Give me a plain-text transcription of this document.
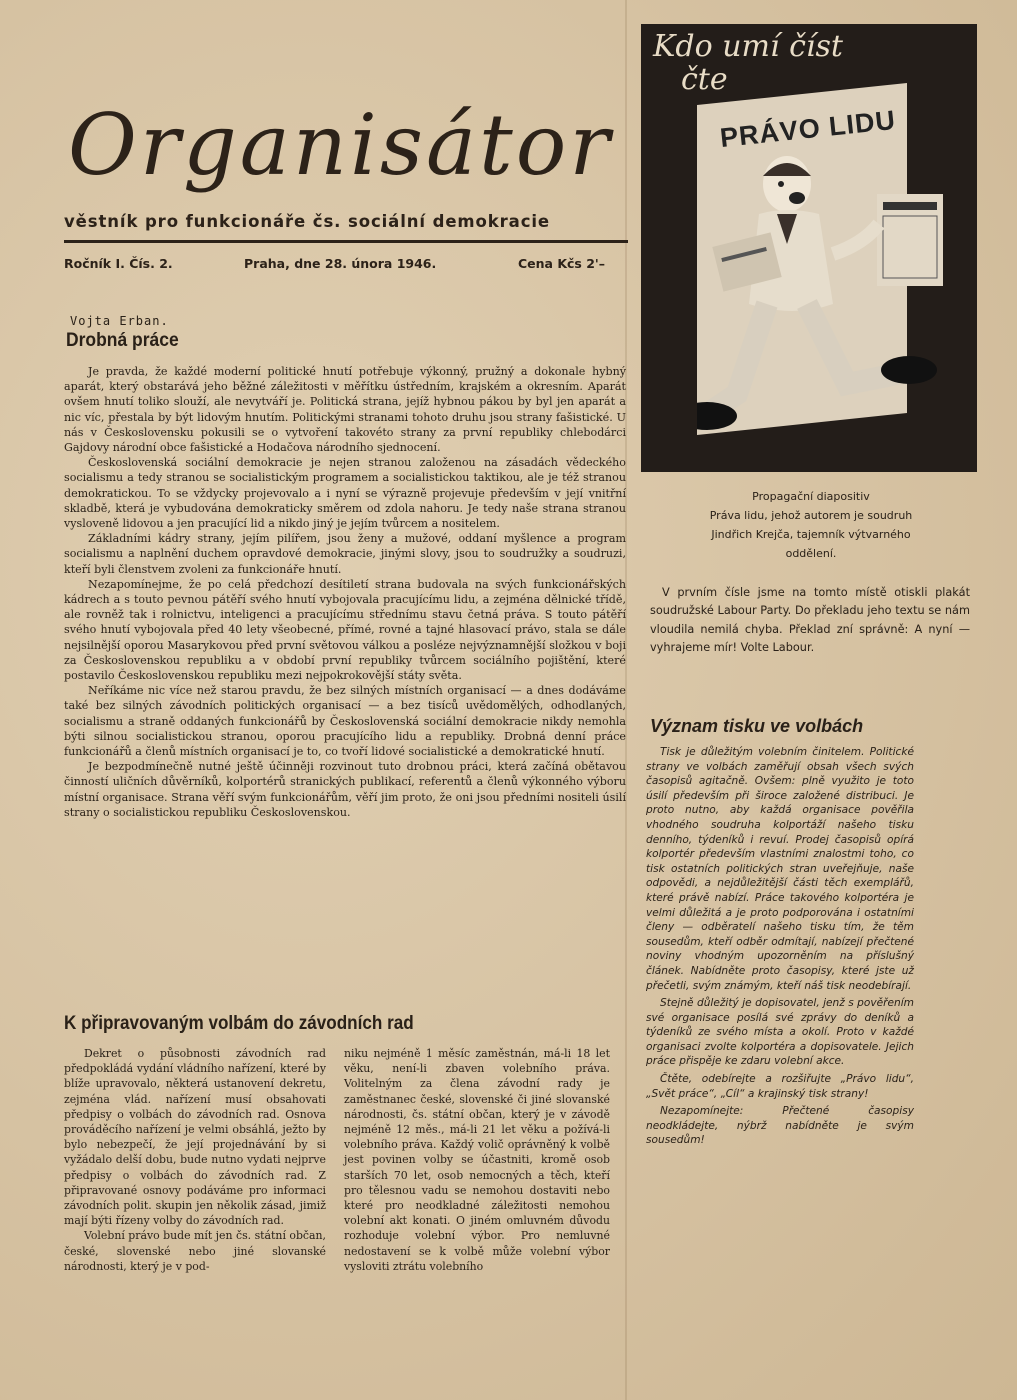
Organisátor
věstník pro funkcionáře čs. sociální demokracie
Ročník I. Čís. 2.	Praha, dne 28. února 1946.	Cena Kčs 2'–
Vojta Erban.
Drobná práce

Je pravda, že každé moderní politické hnutí potřebuje výkonný, pružný a dokonale hybný aparát, který obstarává jeho běžné záležitosti v měřítku ústředním, krajském a okresním. Aparát ovšem hnutí toliko slouží, ale nevytváří je. Politická strana, jejíž hybnou pákou by byl jen aparát a nic víc, přestala by být lidovým hnutím. Politickými stranami tohoto druhu jsou strany fašistické. U nás v Československu pokusili se o vytvoření takovéto strany za první republiky chlebodárci Gajdovy národní obce fašistické a Hodačova národního sjednocení.

Československá sociální demokracie je nejen stranou založenou na zásadách vědeckého socialismu a tedy stranou se socialistickým programem a socialistickou taktikou, ale je též stranou demokratickou. To se vždycky projevovalo a i nyní se výrazně projevuje především v její vnitřní skladbě, která je vybudována demokraticky směrem od zdola nahoru. Je tedy naše strana stranou vysloveně lidovou a jen pracující lid a nikdo jiný je jejím tvůrcem a nositelem.

Základními kádry strany, jejím pilířem, jsou ženy a mužové, oddaní myšlence a program socialismu a naplnění duchem opravdové demokracie, jinými slovy, jsou to soudružky a soudruzi, kteří byli členstvem zvoleni za funkcionáře hnutí.

Nezapomínejme, že po celá předchozí desítiletí strana budovala na svých funkcionářských kádrech a s touto pevnou pátěří svého hnutí vybojovala pracujícímu lidu, a zejména dělnické třídě, ale rovněž tak i rolnictvu, inteligenci a pracujícímu střednímu stavu četná práva. S touto pátěří svého hnutí vybojovala před 40 lety všeobecné, přímé, rovné a tajné hlasovací právo, stala se dále nejsilnější oporou Masarykovou před první světovou válkou a posléze nejvýznamnější složkou v boji za Československou republiku a v období první republiky tvůrcem sociálního pojištění, které postavilo Československou republiku mezi nejpokrokovější státy světa.

Neříkáme nic více než starou pravdu, že bez silných místních organisací — a dnes dodáváme také bez silných závodních politických organisací — a bez tisíců uvědomělých, odhodlaných, socialismu a straně oddaných funkcionářů by Československá sociální demokracie nikdy nemohla býti silnou socialistickou stranou, oporou pracujícího lidu a republiky. Drobná denní práce funkcionářů a členů místních organisací je to, co tvoří lidové socialistické a demokratické hnutí.

Je bezpodmínečně nutné ještě účinněji rozvinout tuto drobnou práci, která začíná obětavou činností uličních důvěrníků, kolportérů stranických publikací, referentů a členů výkonného výboru místní organisace. Strana věří svým funkcionářům, věří jim proto, že oni jsou předními nositeli úsilí strany o socialistickou republiku Československou.

K připravovaným volbám do závodních rad

Dekret o působnosti závodních rad předpokládá vydání vládního nařízení, které by blíže upravovalo, některá ustanovení dekretu, zejména vlád. nařízení musí obsahovati předpisy o volbách do závodních rad. Osnova prováděcího nařízení je velmi obsáhlá, ježto by bylo nebezpečí, že její projednávání by si vyžádalo delší dobu, bude nutno vydati nejprve předpisy o volbách do závodních rad. Z připravované osnovy podáváme pro informaci závodních polit. skupin jen několik zásad, jimiž mají býti řízeny volby do závodních rad.

Volební právo bude mít jen čs. státní občan, české, slovenské nebo jiné slovanské národnosti, který je v pod-

niku nejméně 1 měsíc zaměstnán, má-li 18 let věku, není-li zbaven volebního práva. Volitelným za člena závodní rady je zaměstnanec české, slovenské či jiné slovanské národnosti, čs. státní občan, který je v závodě nejméně 12 měs., má-li 21 let věku a požívá-li volebního práva. Každý volič oprávněný k volbě jest povinen volby se účastniti, kromě osob starších 70 let, osob nemocných a těch, kteří pro tělesnou vadu se nemohou dostaviti nebo které pro neodkladné záležitosti nemohou volební akt konati. O jiném omluvném důvodu rozhoduje volební výbor. Pro nemluvné nedostavení se k volbě může volební výbor vysloviti ztrátu volebního

Kdo umí číst
čte
PRÁVO LIDU
Propagační diapositiv
Práva lidu, jehož autorem je soudruh
Jindřich Krejča, tajemník výtvarného
oddělení.

V prvním čísle jsme na tomto místě otiskli plakát soudružské Labour Party. Do překladu jeho textu se nám vloudila nemilá chyba. Překlad zní správně: A nyní — vyhrajeme mír! Volte Labour.

Význam tisku ve volbách

Tisk je důležitým volebním činitelem. Politické strany ve volbách zaměřují obsah všech svých časopisů agitačně. Ovšem: plně využito je toto úsilí především při široce založené distribuci. Je proto nutno, aby každá organisace pověřila vhodného soudruha kolportáží našeho tisku denního, týdeníků i revuí. Prodej časopisů opírá kolportér především vlastními znalostmi toho, co tisk ostatních politických stran uveřejňuje, naše odpovědi, a nejdůležitější části těch exemplářů, které právě nabízí. Práce takového kolportéra je velmi důležitá a je proto podporována i ostatními členy — odběratelí našeho tisku tím, že těm sousedům, kteří odběr odmítají, nabízejí přečtené noviny vhodným upozorněním na příslušný článek. Nabídněte proto časopisy, které jste už přečetli, svým známým, kteří náš tisk neodebírají.

Stejně důležitý je dopisovatel, jenž s pověřením své organisace posílá své zprávy do deníků a týdeníků ze svého místa a okolí. Proto v každé organisaci zvolte kolportéra a dopisovatele. Jejich práce přispěje ke zdaru volební akce.

Čtěte, odebírejte a rozšiřujte „Právo lidu“, „Svět práce“, „Cíl“ a krajinský tisk strany!

Nezapomínejte: Přečtené časopisy neodkládejte, nýbrž nabídněte je svým sousedům!
